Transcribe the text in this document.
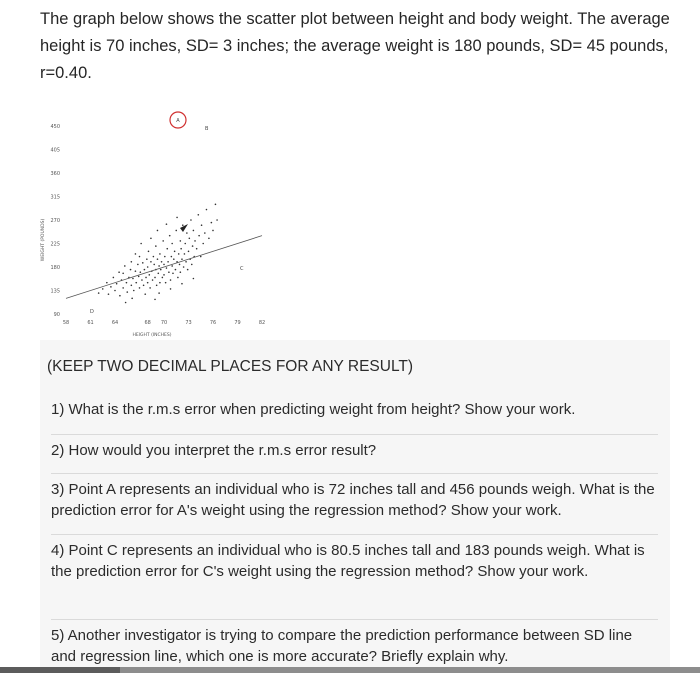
The graph below shows the scatter plot between height and body weight. The average height is 70 inches, SD= 3 inches; the average weight is 180 pounds, SD= 45 pounds, r=0.40.
WEIGHT (POUNDS)
450
405
360
315
270
225
180
135
90
58	61	64	68 70	73	76	79	82
HEIGHT (INCHES)
A
B
C
D
(KEEP TWO DECIMAL PLACES FOR ANY RESULT)
1) What is the r.m.s error when predicting weight from height? Show your work.
2) How would you interpret the r.m.s error result?
3) Point A represents an individual who is 72 inches tall and 456 pounds weigh. What is the prediction error for A's weight using the regression method? Show your work.
4) Point C represents an individual who is 80.5 inches tall and 183 pounds weigh. What is the prediction error for C's weight using the regression method? Show your work.
5) Another investigator is trying to compare the prediction performance between SD line and regression line, which one is more accurate? Briefly explain why.
